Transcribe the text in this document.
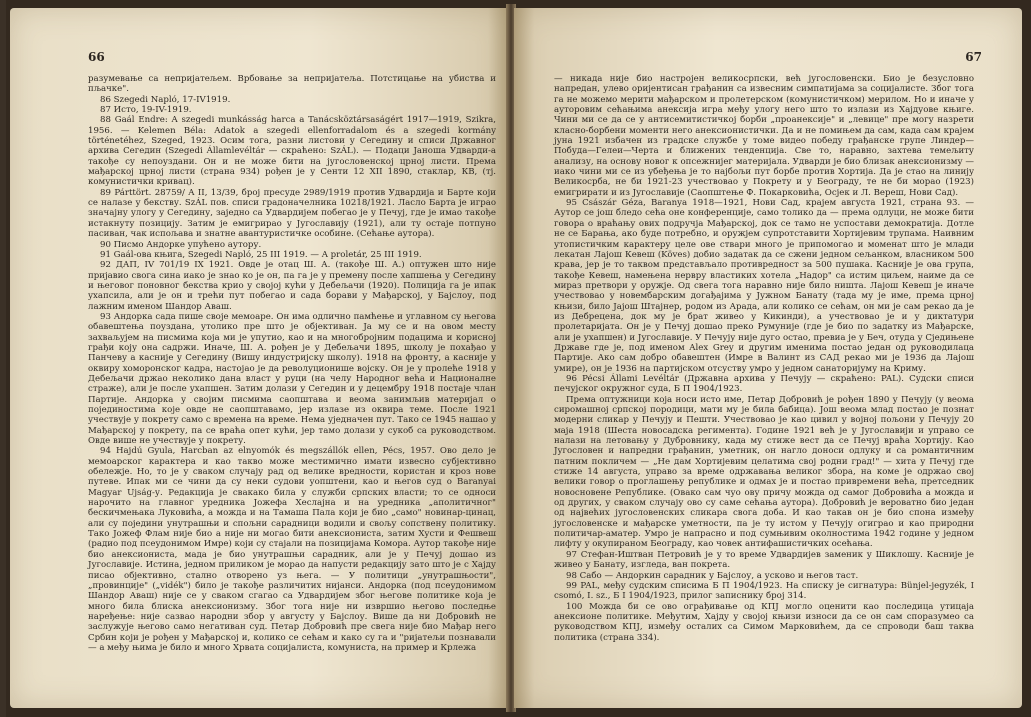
66

разумевање са непријатељем. Врбовање за непријатеља. Потстицање на убиства и пљачке".

86 Szegedi Napló, 17-IV1919.

87 Исто, 19-IV-1919.

88 Gaál Endre: A szegedi munkásság harca a Tanácsköztársaságért 1917—1919, Szikra, 1956. — Kelemen Béla: Adatok a szegedi ellenforradalom és a szegedi kormány történetéhez, Szeged, 1923. Осим тога, разни листови у Сегедину и списи Државног архива Сегедин (Szegedi Államlevéltár — скраћено: SzÁL). — Подаци Јаноша Удварди-а такође су непоуздани. Он и не може бити на југословенској црној листи. Према мађарској црној листи (страна 934) рођен је у Сенти 12 XII 1890, стаклар, КВ, (тј. комунистички кривац).

89 Párttört. 28759/ A II, 13/39, број пресуде 2989/1919 против Удвардија и Барте који се налазе у бекству. SzÁL пов. списи градоначелника 10218/1921. Ласло Барта је играо значајну улогу у Сегедину, заједно са Удвардијем побегао је у Печуј, где је имао такође истакнуту позицију. Затим је емигрирао у Југославију (1921), али ту остаје потпуно пасиван, чак испољава и знатне авантуристичке особине. (Сећање аутора).

90 Писмо Андорке упућено аутору.

91 Gaál-ова књига, Szegedi Napló, 25 III 1919. — A proletár, 25 III 1919.

92 ДАП, IV 701/19 IX 1921. Овде је отац Ш. А. (такође Ш. А.) оптужен што није пријавио свога сина иако је знао ко је он, па га је у премену после хапшења у Сегедину и његовог поновног бекства крио у својој кући у Дебељачи (1920). Полиција га је ипак ухапсила, али је он и трећи пут побегао и сада борави у Мађарској, у Бајслоу, под лажним именом Шандор Аваш.

93 Андорка сада пише своје мемоаре. Он има одлично памћење и углавном су његова обавештења поуздана, утолико пре што је објективан. Ја му се и на овом месту захваљујем на писмима која ми је упутио, као и на многобројним подацима и корисној грађи коју она садржи. Иначе, Ш. А. рођен је у Дебељачи 1895, школу је похађао у Панчеву а касније у Сегедину (Вишу индустријску школу). 1918 на фронту, а касније у оквиру хоморонског кадра, настојао је да револуционише војску. Он је у пролеће 1918 у Дебељачи држао неколико дана власт у руци (на челу Народног већа и Националне страже), али је после ухапшен. Затим долази у Сегедин и у децембру 1918 постаје члан Партије. Андорка у својим писмима саопштава и веома занимљив материјал о појединостима које овде не саопштавамо, јер излазе из оквира теме. После 1921 учествује у покрету само с времена на време. Нема уједначен пут. Тако се 1945 нашао у Мађарској у покрету, па се враћа опет кући, јер тамо долази у сукоб са руководством. Овде више не учествује у покрету.

94 Hajdú Gyula, Harcban az elnyomók és megszállók ellen, Pécs, 1957. Ово дело је мемоарског карактера и као такво може местимично имати извесно субјективно обележје. Но, то је у сваком случају рад од велике вредности, користан и кроз нове путеве. Ипак ми се чини да су неки судови уопштени, као и његов суд о Baranyai Magyar Ujság-у. Редакција је свакако била у служби српских власти; то се односи нарочито на главног уредника Јожефа Хеслајна и на уредника „аполитичног" бескичмењака Луковића, а можда и на Тамаша Пала који је био „само" новинар-цинац, али су поједини унутрашњи и спољни сарадници водили и свољу сопствену политику. Тако Јожеф Флам није био а није ни могао бити анексиониста, затим Хусти и Фешвеш (радио под псеудонимом Имре) који су стајали на позицијама Комора. Аутор такође није био анексиониста, мада је био унутрашњи сарадник, али је у Печуј дошао из Југославије. Истина, једном приликом је морао да напусти редакцију зато што је с Хајду писао објективно, стално отворено уз њега. — У политици „унутрашњости", „провинције" („vidék") било је такође различитих нијанси. Андорка (под псеудонимом Шандор Аваш) није се у сваком сгагао са Удвардијем због његове политике која је много била блиска анексионизму. Због тога није ни извршио његово последње наређење: није сазвао народни збор у августу у Бајслоу. Више да ни Добровић не заслужује његово само негативан суд. Петар Добровић пре свега није био Мађар него Србин који је рођен у Мађарској и, колико се сећам и како су га и "ријатељи познавали — а међу њима је било и много Хрвата социјалиста, комуниста, на пример и Крлежа

67

— никада није био настројен великосрпски, већ југословенски. Био је безусловно напредан, улево оријентисан грађанин са извесним симпатијама за социјалисте. Због тога га не можемо мерити мађарском и пролетерском (комунистичком) мерилом. Но и иначе у ауторовим сећањима анексија игра међу улогу него што то излази из Хајдуове књиге. Чини ми се да се у антисемитистичкој борби „проанексије" и „левице" пре могу назрети класно-борбени моменти него анексионистички. Да и не помињем да сам, када сам крајем јуна 1921 избачен из градске службе у томе видео победу грађанске групе Линдер—Побуда—Гелеи—Черта и ближених тенденција. Све то, наравно, захтева темељиту анализу, на основу новог к опсежнијег материјала. Удварди је био близак анексионизму — иако чини ми се из убеђења је то најбољи пут борбе против Хортија. Да је стао на линију Великосрба, не би 1921-23 учествовао у Покрету и у Београду, те не би морао (1923) емигрирати и из Југославије (Саопштење Ф. Покарковића, Осјек и Л. Вереш, Нови Сад).

95 Császár Géza, Baranya 1918—1921, Нови Сад, крајем августа 1921, страна 93. — Аутор се још бледо сећа оне конференције, само толико да — према одлуци, не може бити говора о враћању ових подручја Мађарској, док се тамо не успостави демократија. Дотле не се Барања, ако буде потребно, и оружјем супротставити Хортијевим трупама. Наивним утопистичким карактеру целе ове ствари много је припомогао и моменат што је млади лекатан Лајош Кевеш (Köves) добио задатак да се сжени једном сељанком, власником 500 крава, јер је то таквом представљало противредност за 500 пушака. Касније је ова група, такође Кевеш, намењена нервру властиких хотела „Надор" са истим циљем, наиме да се мираз претвори у оружје. Од свега тога наравно није било ништа. Лајош Кевеш је иначе учествовао у новембарским догађајима у Јужном Банату (тада му је име, према црној књизи, било Јајош Штајнер, родом из Арада, али колико се сећам, он ми је сам рекао да је из Дебрецена, док му је брат живео у Кикинди), а учествовао је и у диктатури пролетаријата. Он је у Печуј дошао преко Румуније (где је био по задатку из Мађарске, али је ухапшен) и Југославије. У Печују није дуго остао, превиа је у Беч, отуда у Сједињене Државе где је, под именом Alex Grey и другим именима постао један од руководилаца Партије. Ако сам добро обавештен (Имре в Валинт из САД рекао ми је 1936 да Лајош умире), он је 1936 на партијском отсуству умро у једном санаторијуму на Криму.

96 Pécsi Állami Levéltár (Државна архива у Печују — скраћено: PAL). Судски списи печујског окружног суда, Б П 1904/1923.

Према оптужници која носи исто име, Петар Добровић је рођен 1890 у Печују (у веома сиромашној српској породици, мати му је била бабица). Још веома млад постао је познат модерни сликар у Печују и Пешти. Учествовао је као цивил у војној пољони у Печују 20 маја 1918 (Шеста новосадска регимента). Године 1921 већ је у Југославији и управо се налази на летовању у Дубровнику, када му стиже вест да се Печуј враћа Хортију. Као Југословен и напредни грађанин, уметник, он нагло доноси одлуку и са романтичним патним покличем — „Не дам Хортијевим целатима свој родни град!" — хита у Печуј где стиже 14 августа, управо за време одржавања великог збора, на коме је одржао свој велики говор о проглашењу републике и одмах је и постао привремени већа, претседник новосновене Републике. (Овако сам чуо ову причу можда од самог Добровића а можда и од других, у сваком случају ово су саме сећања аутора). Добровић је вероватно био један од највећих југословенских сликара свога доба. И као такав он је био спона између југословенске и мађарске уметности, па је ту истом у Печују огиграо и као природни политичар-аматер. Умро је напрасно и под сумњивим околностима 1942 године у једном лифту у окупираном Београду, као човек антифашистичких осећања.

97 Стефан-Иштван Петровић је у то време Удвардијев заменик у Шиклошу. Касније је живео у Банату, изгледа, ван покрета.

98 Сабо — Андоркин сарадник у Бајслоу, а усково и његов таст.

99 PAL, међу судским списима Б П 1904/1923. На списку је сигнатура: Bünjel-jegyzék, I csomó, I. sz., Б I 1904/1923, прилог записнику број 314.

100 Можда би се ово ограђивање од КПЈ могло оценити као последица утицаја анексионе политике. Међутим, Хајду у својој књизи износи да се он сам споразумео са руководством КПЈ, између осталих са Симом Марковићем, да се спроводи баш таква политика (страна 334).
